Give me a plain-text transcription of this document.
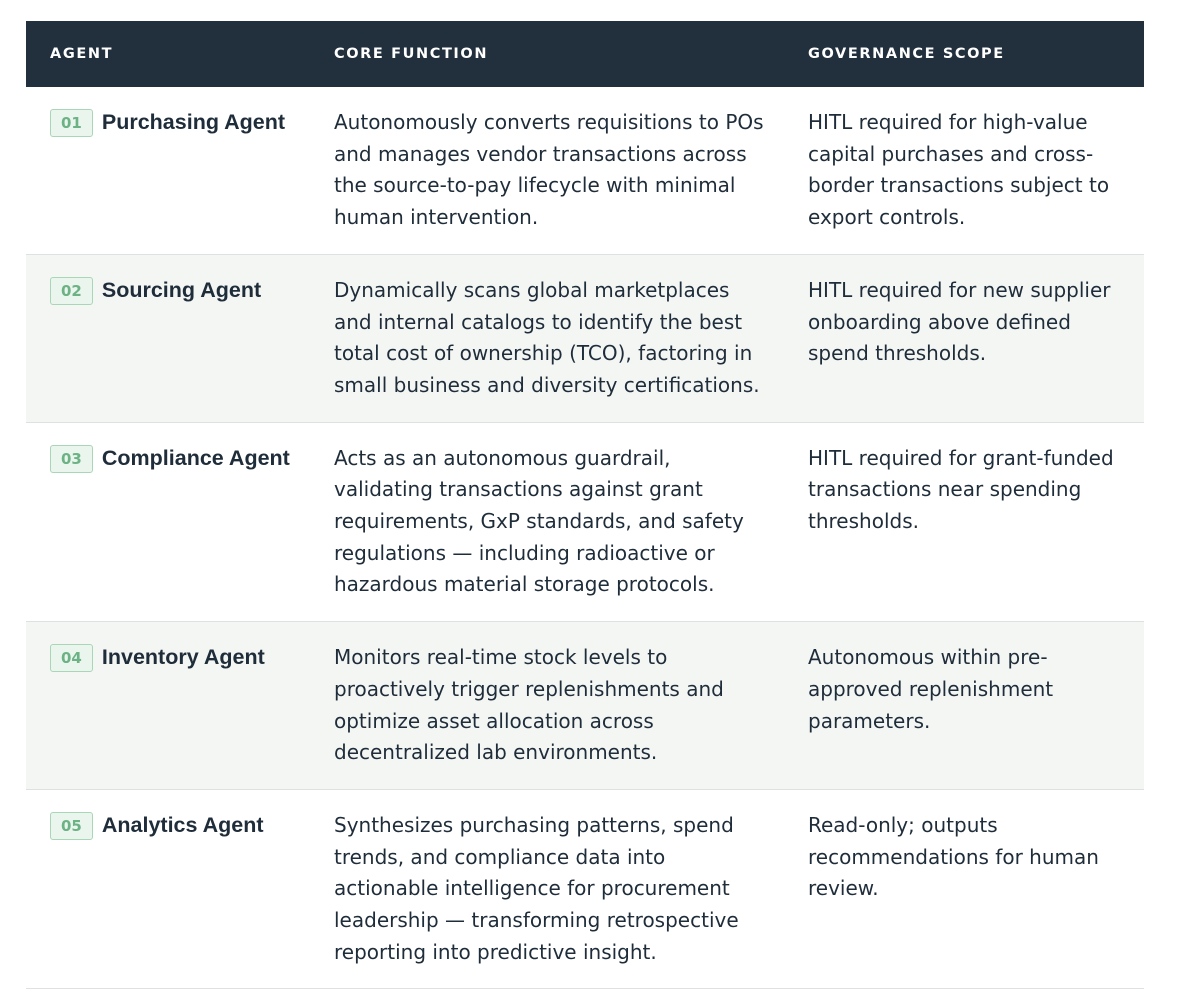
AGENT	CORE FUNCTION	GOVERNANCE SCOPE

01 Purchasing Agent	Autonomously converts requisitions to POs and manages vendor transactions across the source-to-pay lifecycle with minimal human intervention.	HITL required for high-value capital purchases and cross-border transactions subject to export controls.

02 Sourcing Agent	Dynamically scans global marketplaces and internal catalogs to identify the best total cost of ownership (TCO), factoring in small business and diversity certifications.	HITL required for new supplier onboarding above defined spend thresholds.

03 Compliance Agent	Acts as an autonomous guardrail, validating transactions against grant requirements, GxP standards, and safety regulations — including radioactive or hazardous material storage protocols.	HITL required for grant-funded transactions near spending thresholds.

04 Inventory Agent	Monitors real-time stock levels to proactively trigger replenishments and optimize asset allocation across decentralized lab environments.	Autonomous within pre-approved replenishment parameters.

05 Analytics Agent	Synthesizes purchasing patterns, spend trends, and compliance data into actionable intelligence for procurement leadership — transforming retrospective reporting into predictive insight.	Read-only; outputs recommendations for human review.
